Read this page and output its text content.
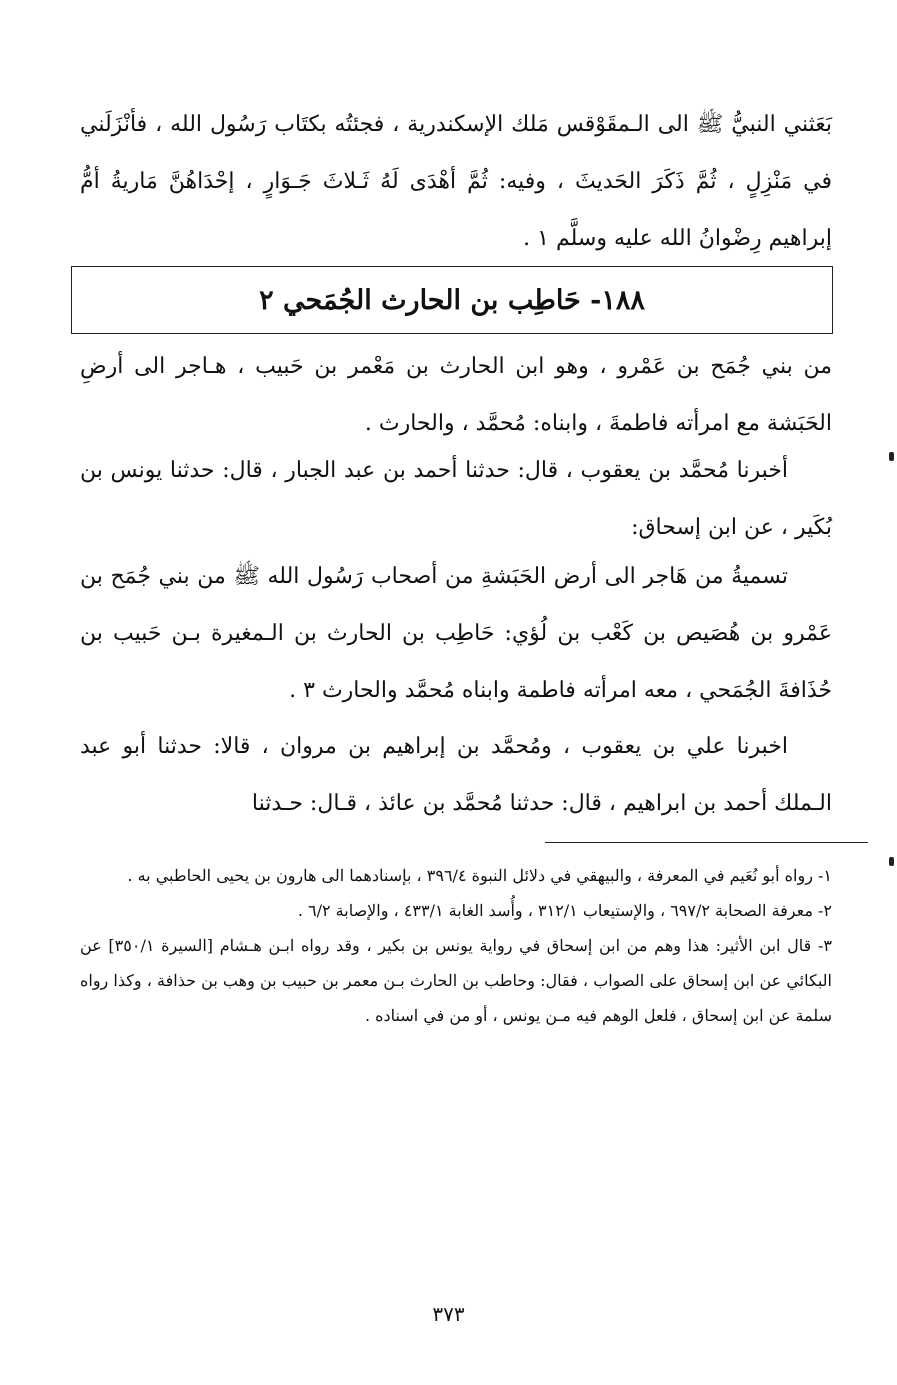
بَعَثني النبيُّ ﷺ الى الـمقَوْقس مَلك الإسكندرية ، فجئتُه بكتَاب رَسُول الله ، فأنْزَلَني في مَنْزِلٍ ، ثُمَّ ذَكَرَ الحَديثَ ، وفيه: ثُمَّ أهْدَى لَهُ ثَـلاثَ جَـوَارٍ ، إحْدَاهُنَّ مَاريةُ أمُّ إبراهيم رِضْوانُ الله عليه وسلَّم ١ .

١٨٨- حَاطِب بن الحارث الجُمَحي ٢

من بني جُمَح بن عَمْرو ، وهو ابن الحارث بن مَعْمر بن حَبيب ، هـاجر الى أرضِ الحَبَشة مع امرأته فاطمةَ ، وابناه: مُحمَّد ، والحارث .

أخبرنا مُحمَّد بن يعقوب ، قال: حدثنا أحمد بن عبد الجبار ، قال: حدثنا يونس بن بُكَير ، عن ابن إسحاق:

تسميةُ من هَاجر الى أرض الحَبَشةِ من أصحاب رَسُول الله ﷺ من بني جُمَح بن عَمْرو بن هُصَيص بن كَعْب بن لُؤي: حَاطِب بن الحارث بن الـمغيرة بـن حَبيب بن حُذَافةَ الجُمَحي ، معه امرأته فاطمة وابناه مُحمَّد والحارث ٣ .

اخبرنا علي بن يعقوب ، ومُحمَّد بن إبراهيم بن مروان ، قالا: حدثنا أبو عبد الـملك أحمد بن ابراهيم ، قال: حدثنا مُحمَّد بن عائذ ، قـال: حـدثنا

١- رواه أبو نُعَيم في المعرفة ، والبيهقي في دلائل النبوة ٣٩٦/٤ ، بإسنادهما الى هارون بن يحيى الحاطبي به .

٢- معرفة الصحابة ٦٩٧/٢ ، والإستيعاب ٣١٢/١ ، وأُسد الغابة ٤٣٣/١ ، والإصابة ٦/٢ .

٣- قال ابن الأثير: هذا وهم من ابن إسحاق في رواية يونس بن بكير ، وقد رواه ابـن هـشام [السيرة ٣٥٠/١] عن البكائي عن ابن إسحاق على الصواب ، فقال: وحاطب بن الحارث بـن معمر بن حبيب بن وهب بن حذافة ، وكذا رواه سلمة عن ابن إسحاق ، فلعل الوهم فيه مـن يونس ، أو من في اسناده .

٣٧٣
